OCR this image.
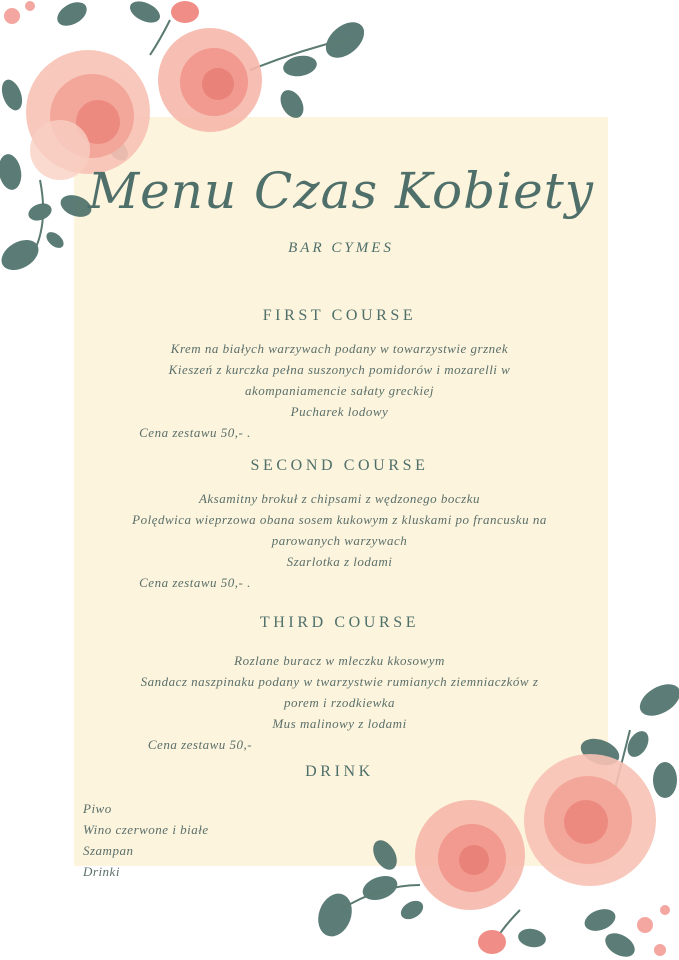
Menu Czas Kobiety
BAR CYMES
FIRST COURSE
Krem na białych warzywach podany w towarzystwie grznek
Kieszeń z kurczka pełna suszonych pomidorów i mozarelli w
akompaniamencie sałaty greckiej
Pucharek lodowy
Cena zestawu 50,- .
SECOND COURSE
Aksamitny brokuł z chipsami z wędzonego boczku
Polędwica wieprzowa obana sosem kukowym z kluskami po francusku na
parowanych warzywach
Szarlotka z lodami
Cena zestawu 50,- .
THIRD COURSE
Rozlane buracz w mleczku kkosowym
Sandacz naszpinaku podany w twarzystwie rumianych ziemniaczków z
porem i rzodkiewka
Mus malinowy z lodami
Cena zestawu 50,-
DRINK
Piwo
Wino czerwone i białe
Szampan
Drinki
